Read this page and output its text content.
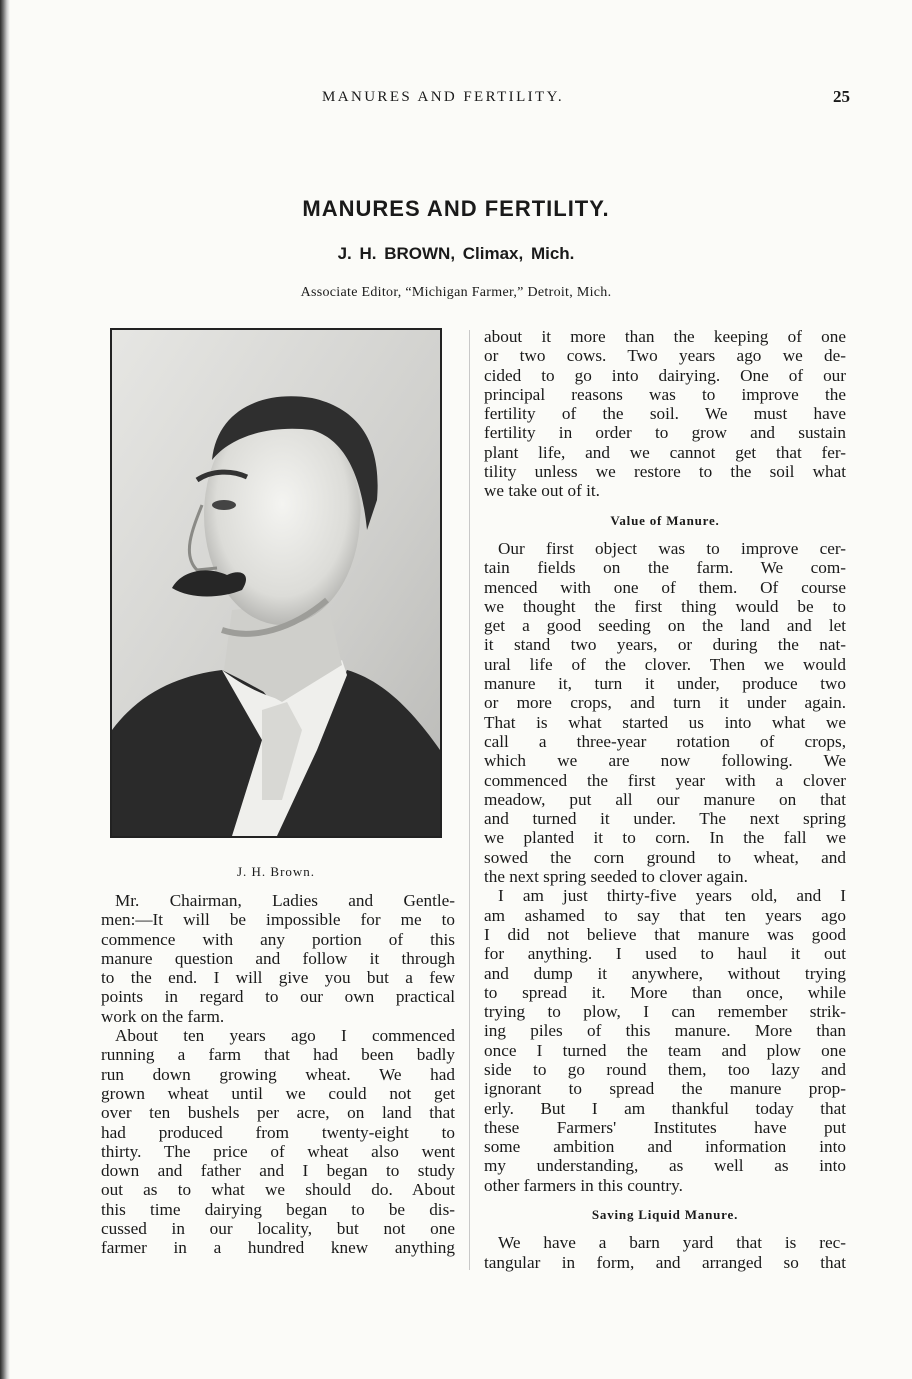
MANURES AND FERTILITY.	25
MANURES AND FERTILITY.
J. H. BROWN, Climax, Mich.
Associate Editor, “Michigan Farmer,” Detroit, Mich.
J. H. Brown.
Mr. Chairman, Ladies and Gentle-
men:—It will be impossible for me to
commence with any portion of this
manure question and follow it through
to the end. I will give you but a few
points in regard to our own practical
work on the farm.
About ten years ago I commenced
running a farm that had been badly
run down growing wheat. We had
grown wheat until we could not get
over ten bushels per acre, on land that
had produced from twenty-eight to
thirty. The price of wheat also went
down and father and I began to study
out as to what we should do. About
this time dairying began to be dis-
cussed in our locality, but not one
farmer in a hundred knew anything
about it more than the keeping of one
or two cows. Two years ago we de-
cided to go into dairying. One of our
principal reasons was to improve the
fertility of the soil. We must have
fertility in order to grow and sustain
plant life, and we cannot get that fer-
tility unless we restore to the soil what
we take out of it.
Value of Manure.
Our first object was to improve cer-
tain fields on the farm. We com-
menced with one of them. Of course
we thought the first thing would be to
get a good seeding on the land and let
it stand two years, or during the nat-
ural life of the clover. Then we would
manure it, turn it under, produce two
or more crops, and turn it under again.
That is what started us into what we
call a three-year rotation of crops,
which we are now following. We
commenced the first year with a clover
meadow, put all our manure on that
and turned it under. The next spring
we planted it to corn. In the fall we
sowed the corn ground to wheat, and
the next spring seeded to clover again.
I am just thirty-five years old, and I
am ashamed to say that ten years ago
I did not believe that manure was good
for anything. I used to haul it out
and dump it anywhere, without trying
to spread it. More than once, while
trying to plow, I can remember strik-
ing piles of this manure. More than
once I turned the team and plow one
side to go round them, too lazy and
ignorant to spread the manure prop-
erly. But I am thankful today that
these Farmers' Institutes have put
some ambition and information into
my understanding, as well as into
other farmers in this country.
Saving Liquid Manure.
We have a barn yard that is rec-
tangular in form, and arranged so that
